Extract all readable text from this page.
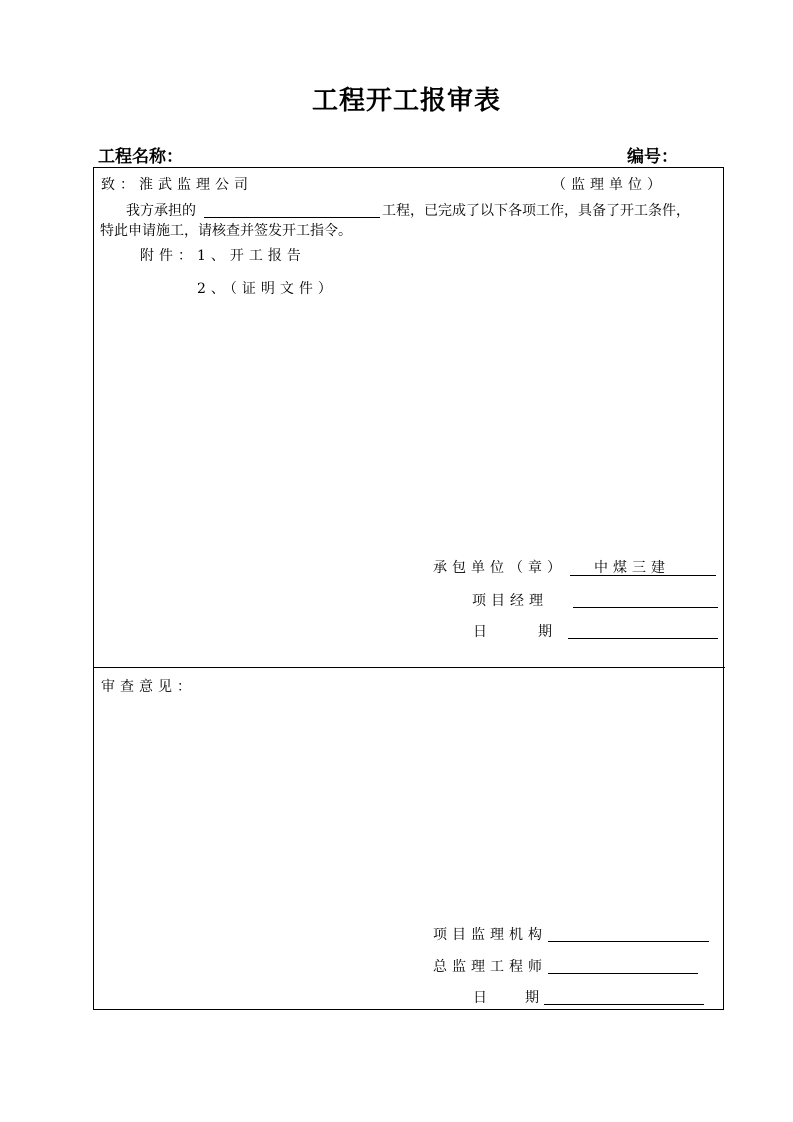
工程开工报审表
工程名称：	编号：
致：淮武监理公司	（监理单位）
我方承担的	工程，已完成了以下各项工作，具备了开工条件，
特此申请施工，请核查并签发开工指令。
附件：1、开工报告
2、（证明文件）
承包单位（章） 中煤三建
项目经理
日	期
审查意见：
项目监理机构
总监理工程师
日	期
